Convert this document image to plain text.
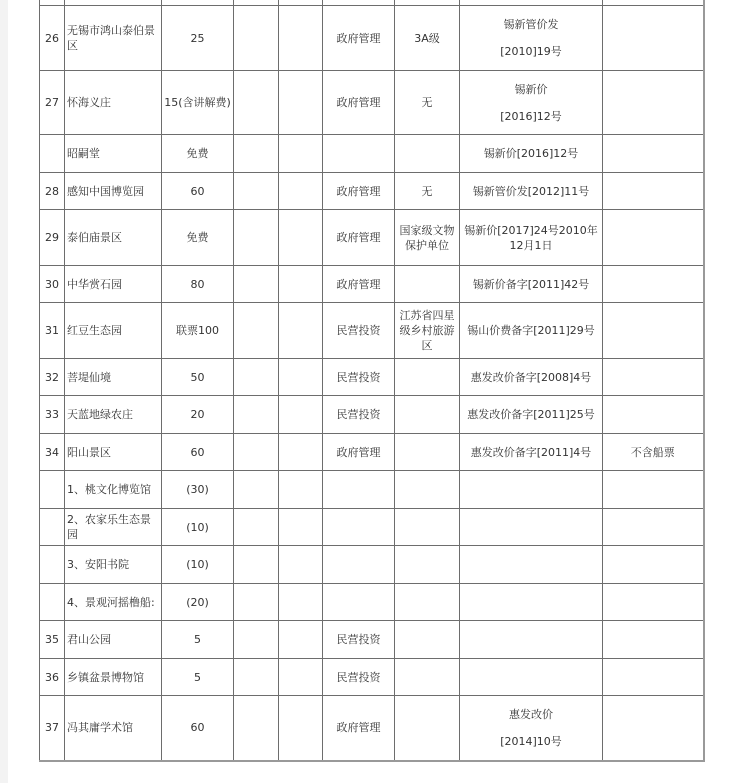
26	无锡市鸿山泰伯景区	25			政府管理	3A级	锡新管价发
[2010]19号	

27	怀海义庄	15(含讲解费)			政府管理	无	锡新价
[2016]12号	

	昭嗣堂	免费					锡新价[2016]12号	
28	感知中国博览园	60			政府管理	无	锡新管价发[2012]11号	
29	泰伯庙景区	免费			政府管理	国家级文物保护单位	锡新价[2017]24号2010年12月1日	
30	中华赏石园	80			政府管理		锡新价备字[2011]42号	
31	红豆生态园	联票100			民营投资	江苏省四星级乡村旅游区	锡山价费备字[2011]29号	
32	菩堤仙境	50			民营投资		惠发改价备字[2008]4号	
33	天蓝地绿农庄	20			民营投资		惠发改价备字[2011]25号	
34	阳山景区	60			政府管理		惠发改价备字[2011]4号	不含船票
	1、桃文化博览馆	(30)						
	2、农家乐生态景园	(10)						
	3、安阳书院	(10)						
	4、景观河摇橹船:	(20)						
35	君山公园	5			民营投资			
36	乡镇盆景博物馆	5			民营投资			
37	冯其庸学术馆	60			政府管理		惠发改价
[2014]10号	
